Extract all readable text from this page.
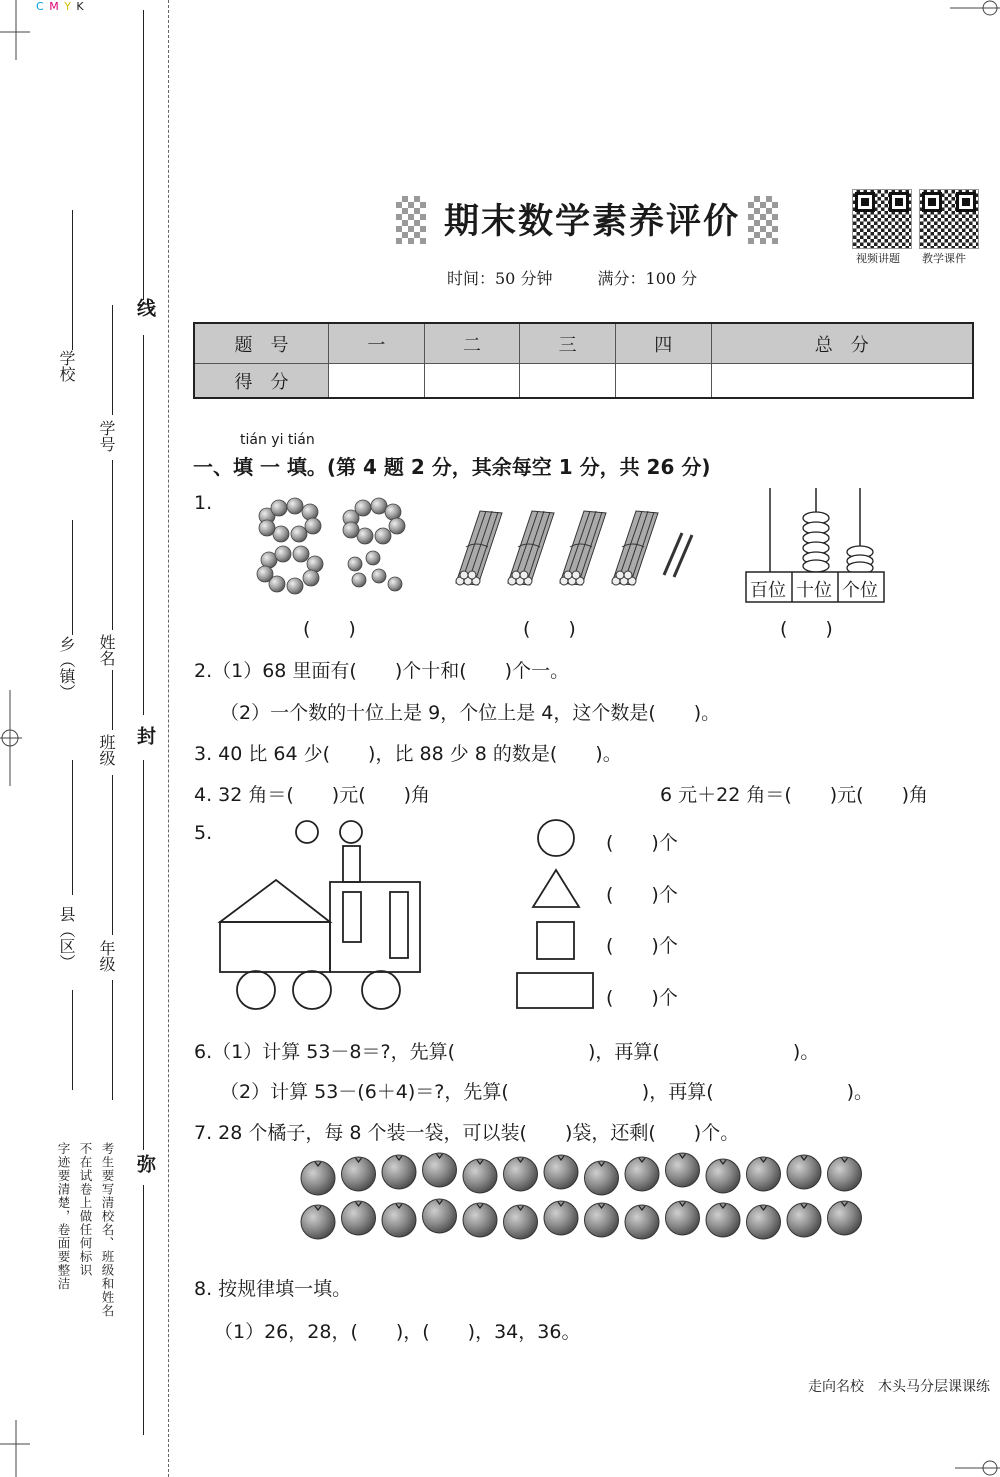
C M Y K
线
封
弥
学校
乡（镇）
县（区）
学号
姓名
班级
年级
考生要写清校名、班级和姓名
不在试卷上做任何标识
字迹要清楚，卷面要整洁
期末数学素养评价
时间：50 分钟	满分：100 分
视频讲题 教学课件
题　号	一	二	三	四	总　分
得　分					
tián yi tián
一、填 一 填。(第 4 题 2 分，其余每空 1 分，共 26 分)
1.
百位 十位 个位
(　　)	(　　)	(　　)
2.（1）68 里面有(　　)个十和(　　)个一。
（2）一个数的十位上是 9，个位上是 4，这个数是(　　)。
3. 40 比 64 少(　　)，比 88 少 8 的数是(　　)。
4. 32 角＝(　　)元(　　)角	6 元＋22 角＝(　　)元(　　)角
5.	(　　)个
(　　)个
(　　)个
(　　)个
6.（1）计算 53－8＝?，先算(　　　　　　　)，再算(　　　　　　　)。
（2）计算 53－(6＋4)＝?，先算(　　　　　　　)，再算(　　　　　　　)。
7. 28 个橘子，每 8 个装一袋，可以装(　　)袋，还剩(　　)个。
8. 按规律填一填。
（1）26，28，(　　)，(　　)，34，36。
走向名校　木头马分层课课练
